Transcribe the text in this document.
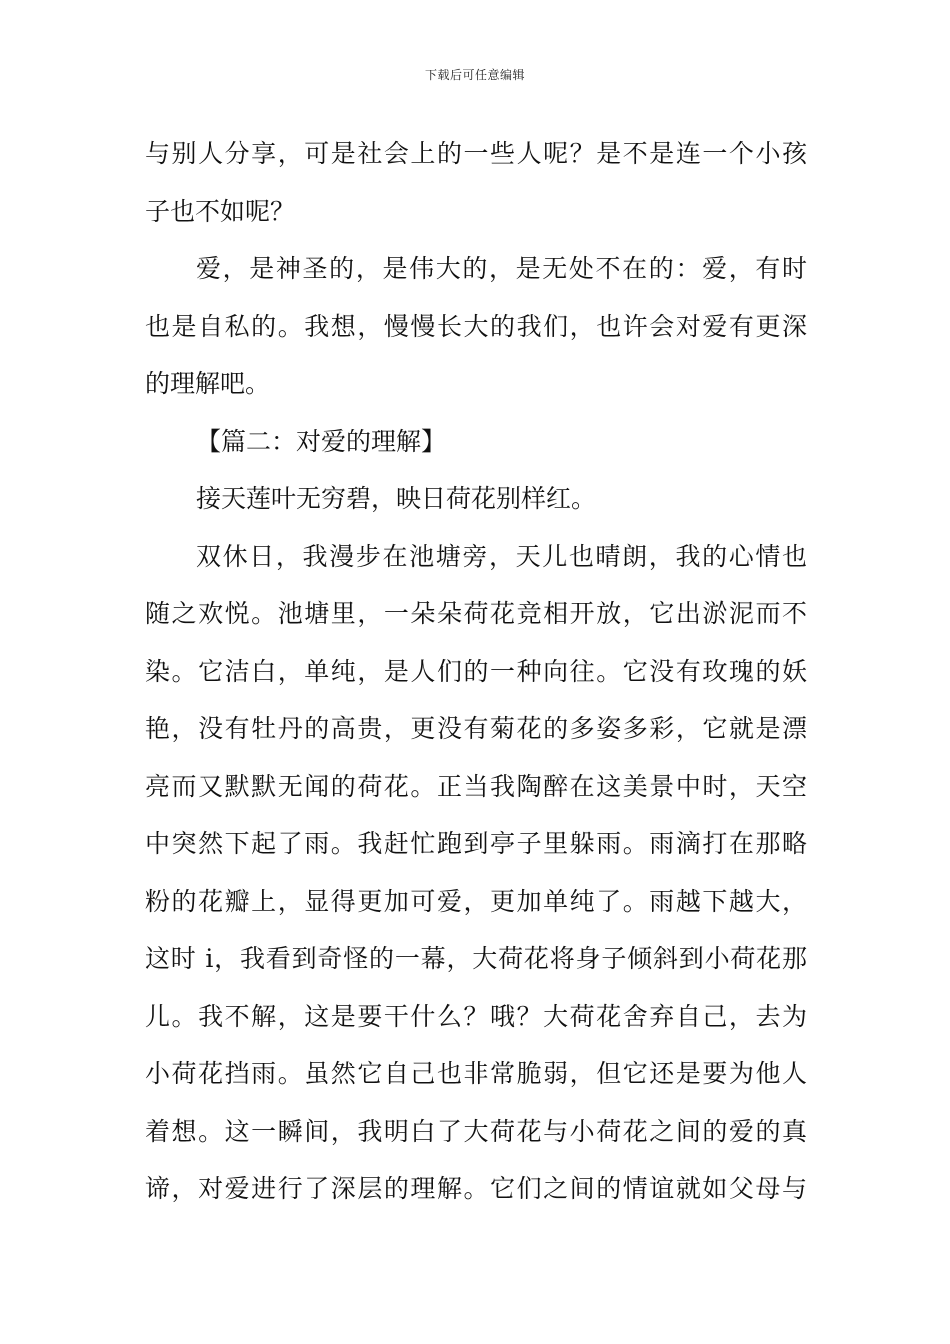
下载后可任意编辑
与别人分享，可是社会上的一些人呢？是不是连一个小孩
子也不如呢？
爱，是神圣的，是伟大的，是无处不在的：爱，有时
也是自私的。我想，慢慢长大的我们，也许会对爱有更深
的理解吧。
【篇二：对爱的理解】
接天莲叶无穷碧，映日荷花别样红。
双休日，我漫步在池塘旁，天儿也晴朗，我的心情也
随之欢悦。池塘里，一朵朵荷花竞相开放，它出淤泥而不
染。它洁白，单纯，是人们的一种向往。它没有玫瑰的妖
艳，没有牡丹的高贵，更没有菊花的多姿多彩，它就是漂
亮而又默默无闻的荷花。正当我陶醉在这美景中时，天空
中突然下起了雨。我赶忙跑到亭子里躲雨。雨滴打在那略
粉的花瓣上，显得更加可爱，更加单纯了。雨越下越大，
这时 i，我看到奇怪的一幕，大荷花将身子倾斜到小荷花那
儿。我不解，这是要干什么？哦？大荷花舍弃自己，去为
小荷花挡雨。虽然它自己也非常脆弱，但它还是要为他人
着想。这一瞬间，我明白了大荷花与小荷花之间的爱的真
谛，对爱进行了深层的理解。它们之间的情谊就如父母与
